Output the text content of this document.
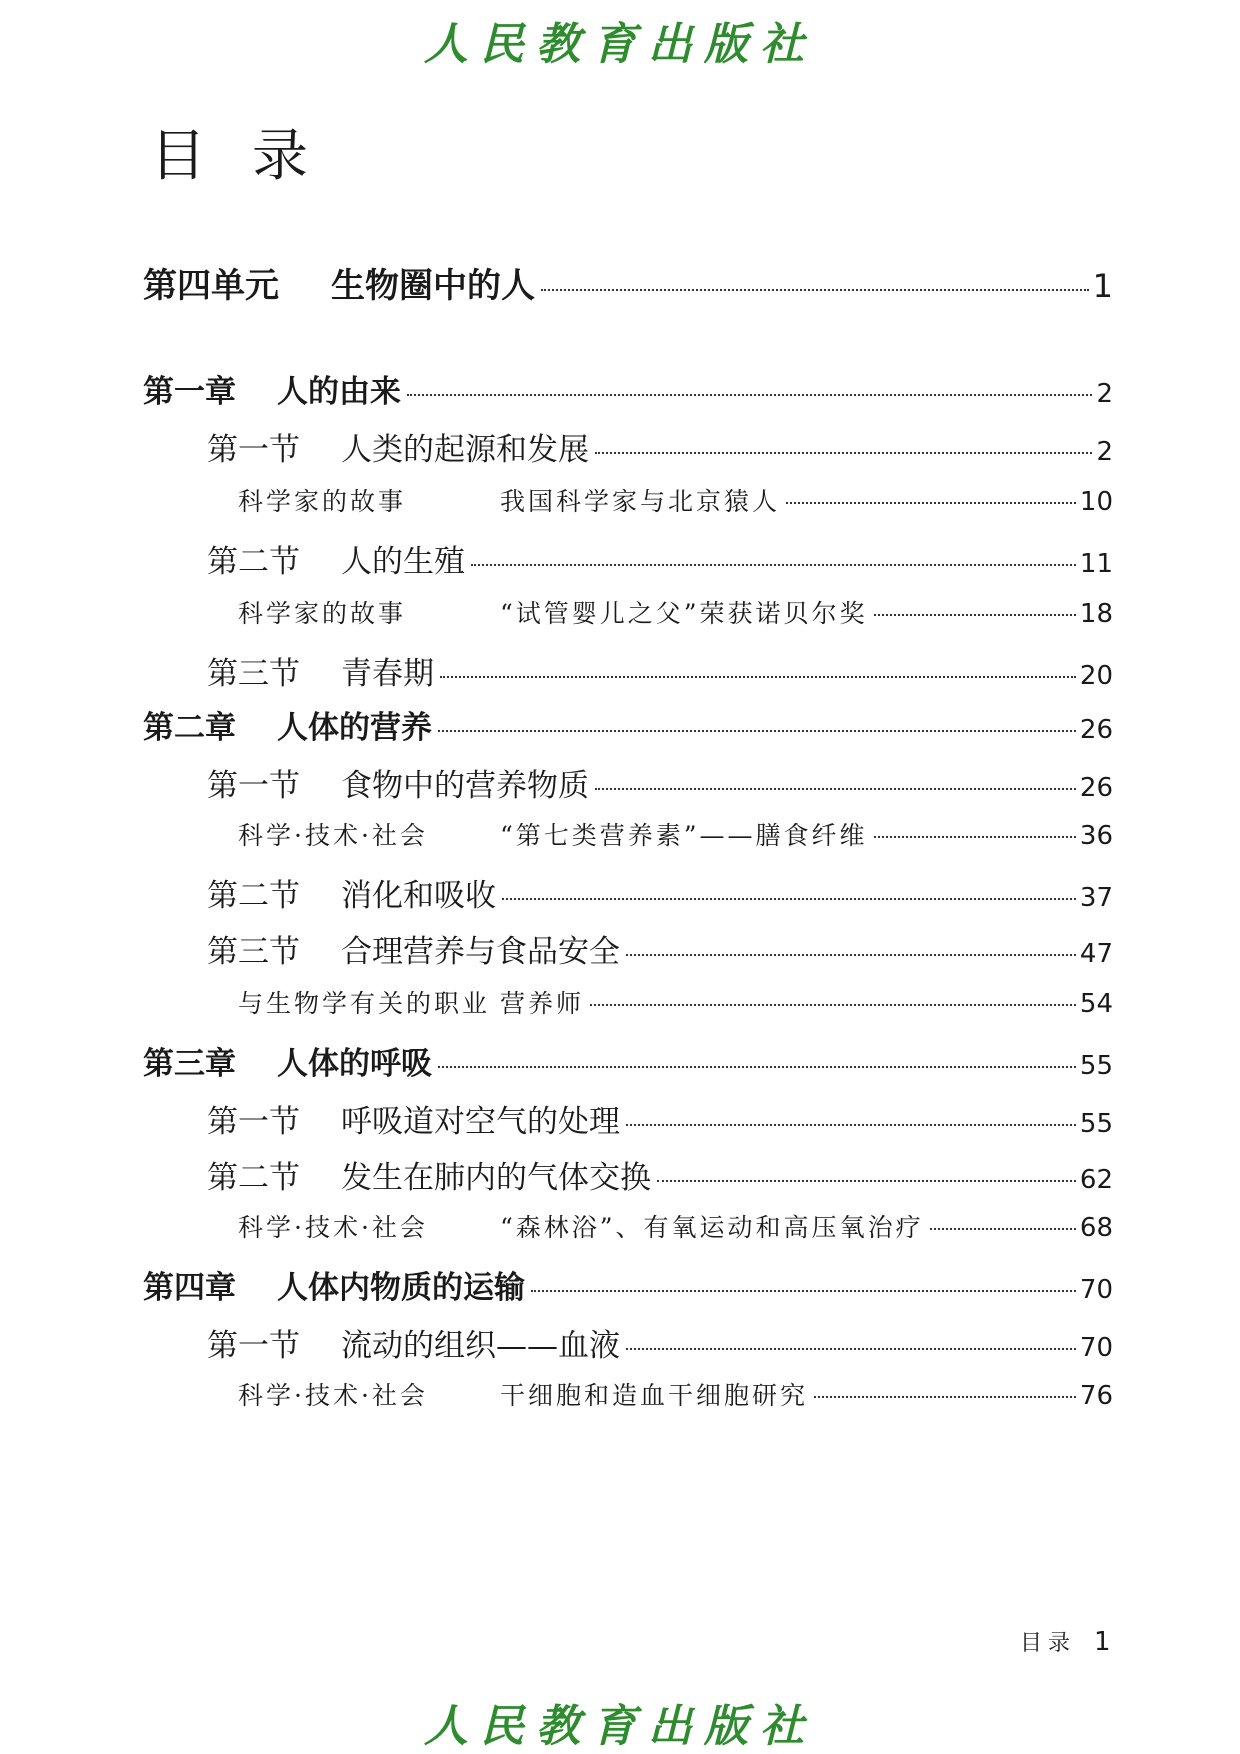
人民教育出版社
目录
第四单元	生物圈中的人	1
第一章	人的由来	2
第一节	人类的起源和发展	2
科学家的故事	我国科学家与北京猿人	10
第二节	人的生殖	11
科学家的故事	“试管婴儿之父”荣获诺贝尔奖	18
第三节	青春期	20
第二章	人体的营养	26
第一节	食物中的营养物质	26
科学·技术·社会	“第七类营养素”——膳食纤维	36
第二节	消化和吸收	37
第三节	合理营养与食品安全	47
与生物学有关的职业 营养师	54
第三章	人体的呼吸	55
第一节	呼吸道对空气的处理	55
第二节	发生在肺内的气体交换	62
科学·技术·社会	“森林浴”、有氧运动和高压氧治疗	68
第四章	人体内物质的运输	70
第一节	流动的组织——血液	70
科学·技术·社会	干细胞和造血干细胞研究	76
目录 1
人民教育出版社
